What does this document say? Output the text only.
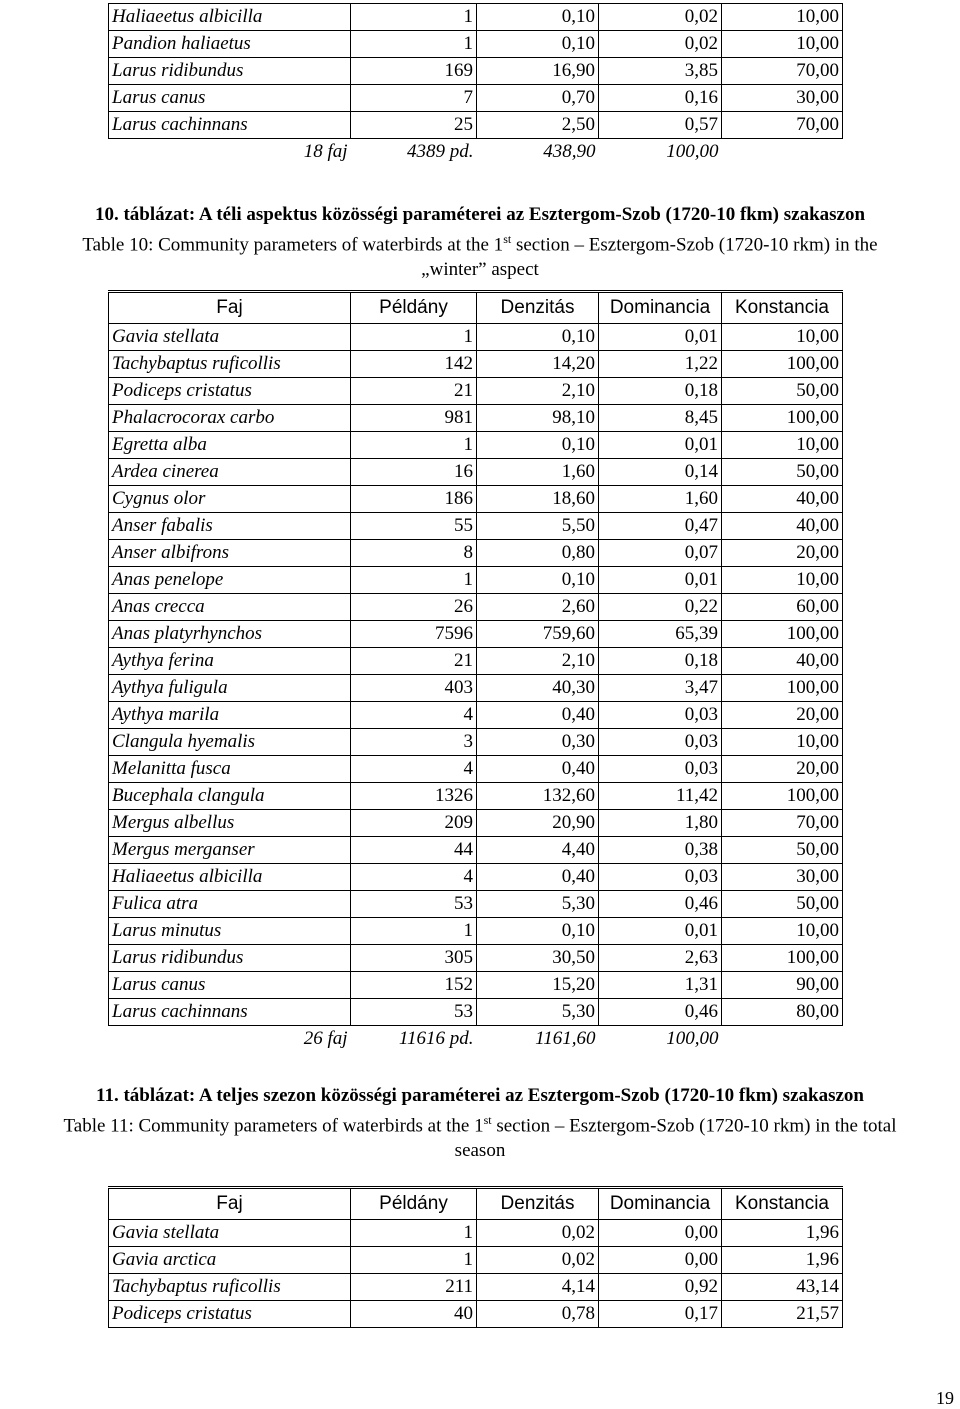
Haliaeetus albicilla	1	0,10	0,02	10,00
Pandion haliaetus	1	0,10	0,02	10,00
Larus ridibundus	169	16,90	3,85	70,00
Larus canus	7	0,70	0,16	30,00
Larus cachinnans	25	2,50	0,57	70,00
18 faj	4389 pd.	438,90	100,00	
10. táblázat: A téli aspektus közösségi paraméterei az Esztergom-Szob (1720-10 fkm) szakaszon
Table 10: Community parameters of waterbirds at the 1st section – Esztergom-Szob (1720-10 rkm) in the
„winter” aspect
Faj	Példány	Denzitás	Dominancia	Konstancia
Gavia stellata	1	0,10	0,01	10,00
Tachybaptus ruficollis	142	14,20	1,22	100,00
Podiceps cristatus	21	2,10	0,18	50,00
Phalacrocorax carbo	981	98,10	8,45	100,00
Egretta alba	1	0,10	0,01	10,00
Ardea cinerea	16	1,60	0,14	50,00
Cygnus olor	186	18,60	1,60	40,00
Anser fabalis	55	5,50	0,47	40,00
Anser albifrons	8	0,80	0,07	20,00
Anas penelope	1	0,10	0,01	10,00
Anas crecca	26	2,60	0,22	60,00
Anas platyrhynchos	7596	759,60	65,39	100,00
Aythya ferina	21	2,10	0,18	40,00
Aythya fuligula	403	40,30	3,47	100,00
Aythya marila	4	0,40	0,03	20,00
Clangula hyemalis	3	0,30	0,03	10,00
Melanitta fusca	4	0,40	0,03	20,00
Bucephala clangula	1326	132,60	11,42	100,00
Mergus albellus	209	20,90	1,80	70,00
Mergus merganser	44	4,40	0,38	50,00
Haliaeetus albicilla	4	0,40	0,03	30,00
Fulica atra	53	5,30	0,46	50,00
Larus minutus	1	0,10	0,01	10,00
Larus ridibundus	305	30,50	2,63	100,00
Larus canus	152	15,20	1,31	90,00
Larus cachinnans	53	5,30	0,46	80,00
26 faj	11616 pd.	1161,60	100,00	
11. táblázat: A teljes szezon közösségi paraméterei az Esztergom-Szob (1720-10 fkm) szakaszon
Table 11: Community parameters of waterbirds at the 1st section – Esztergom-Szob (1720-10 rkm) in the total
season
Faj	Példány	Denzitás	Dominancia	Konstancia
Gavia stellata	1	0,02	0,00	1,96
Gavia arctica	1	0,02	0,00	1,96
Tachybaptus ruficollis	211	4,14	0,92	43,14
Podiceps cristatus	40	0,78	0,17	21,57
19
